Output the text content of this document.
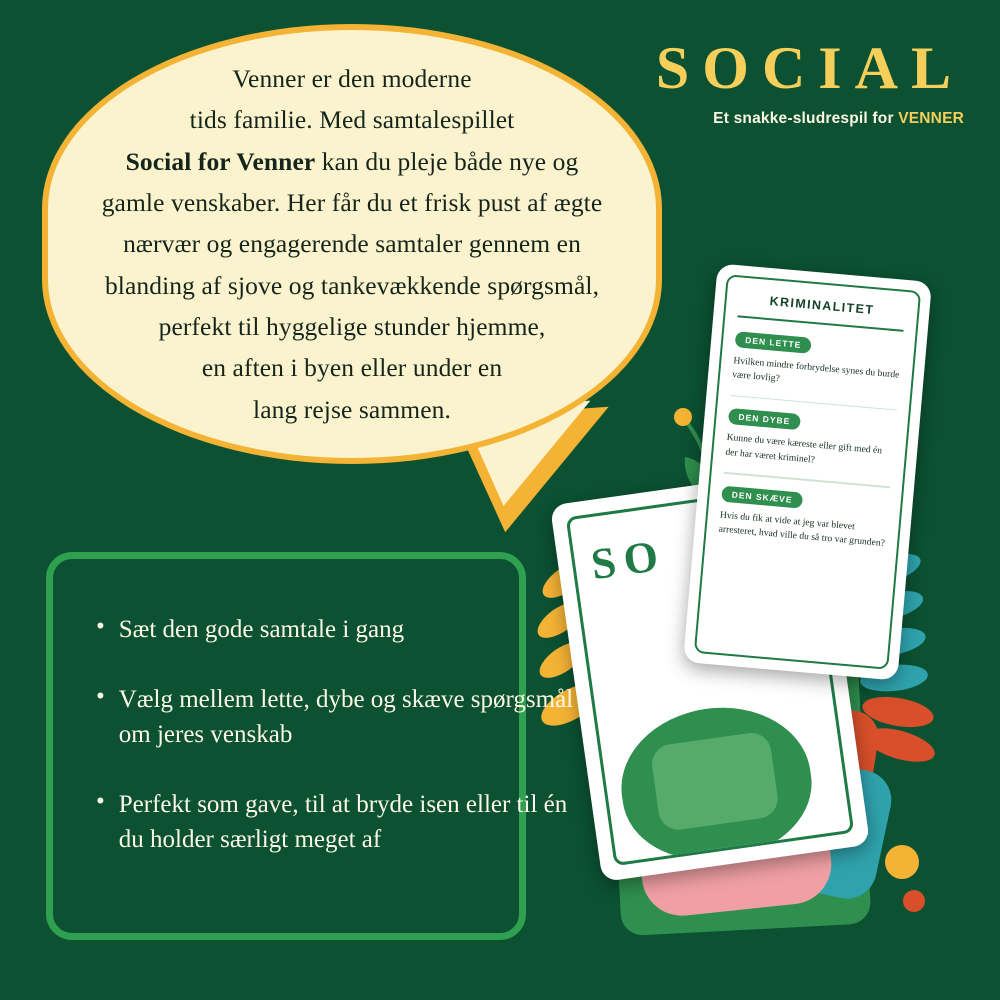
SOCIAL
Et snakke-sludrespil for VENNER
Venner er den moderne
tids familie. Med samtalespillet
Social for Venner kan du pleje både nye og
gamle venskaber. Her får du et frisk pust af ægte
nærvær og engagerende samtaler gennem en
blanding af sjove og tankevækkende spørgsmål,
perfekt til hyggelige stunder hjemme,
en aften i byen eller under en
lang rejse sammen.
SO
KRIMINALITET
DEN LETTE

Hvilken mindre forbrydelse synes du burde være lovlig?

DEN DYBE

Kunne du være kæreste eller gift med én der har været kriminel?

DEN SKÆVE

Hvis du fik at vide at jeg var blevet arresteret, hvad ville du så tro var grunden?

• Sæt den gode samtale i gang
• Vælg mellem lette, dybe og skæve spørgsmål om jeres venskab
• Perfekt som gave, til at bryde isen eller til én du holder særligt meget af
